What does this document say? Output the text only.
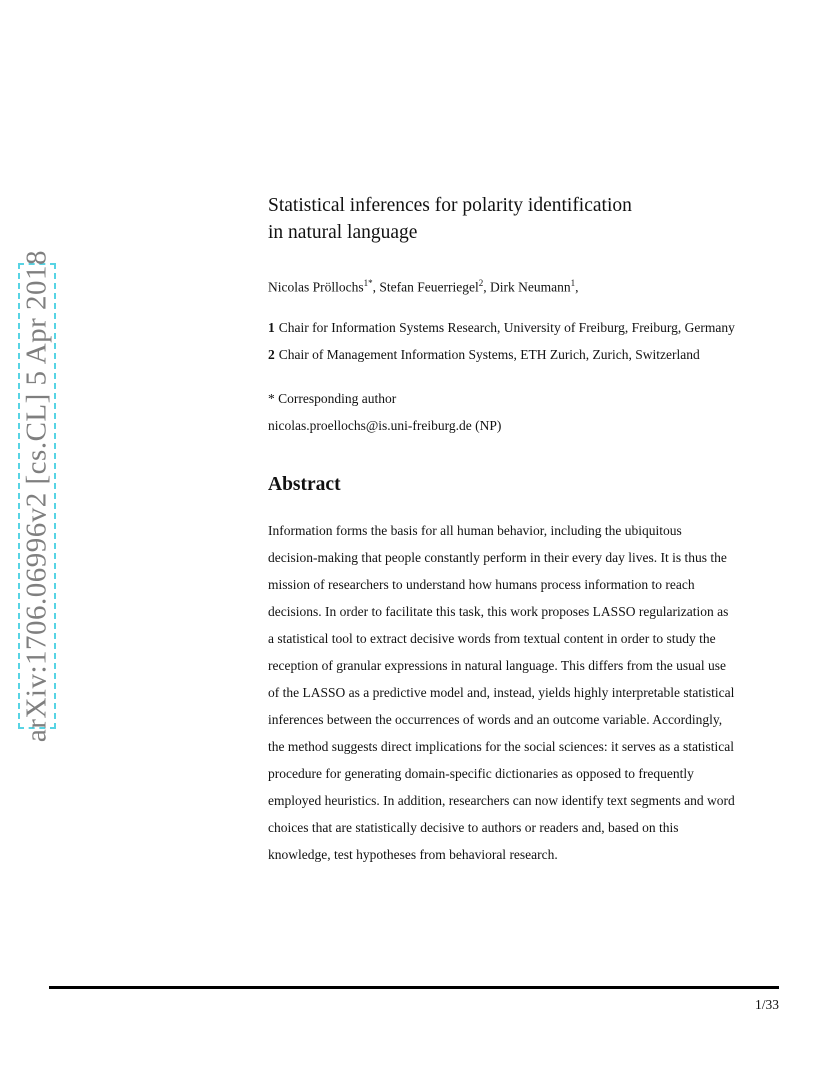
arXiv:1706.06996v2 [cs.CL] 5 Apr 2018
Statistical inferences for polarity identification
in natural language
Nicolas Pröllochs$^{1*}$, Stefan Feuerriegel$^2$, Dirk Neumann$^1$,
1 Chair for Information Systems Research, University of Freiburg, Freiburg, Germany
2 Chair of Management Information Systems, ETH Zurich, Zurich, Switzerland
* Corresponding author
nicolas.proellochs@is.uni-freiburg.de (NP)
Abstract
Information forms the basis for all human behavior, including the ubiquitous
decision-making that people constantly perform in their every day lives. It is thus the
mission of researchers to understand how humans process information to reach
decisions. In order to facilitate this task, this work proposes LASSO regularization as
a statistical tool to extract decisive words from textual content in order to study the
reception of granular expressions in natural language. This differs from the usual use
of the LASSO as a predictive model and, instead, yields highly interpretable statistical
inferences between the occurrences of words and an outcome variable. Accordingly,
the method suggests direct implications for the social sciences: it serves as a statistical
procedure for generating domain-specific dictionaries as opposed to frequently
employed heuristics. In addition, researchers can now identify text segments and word
choices that are statistically decisive to authors or readers and, based on this
knowledge, test hypotheses from behavioral research.
1/33
